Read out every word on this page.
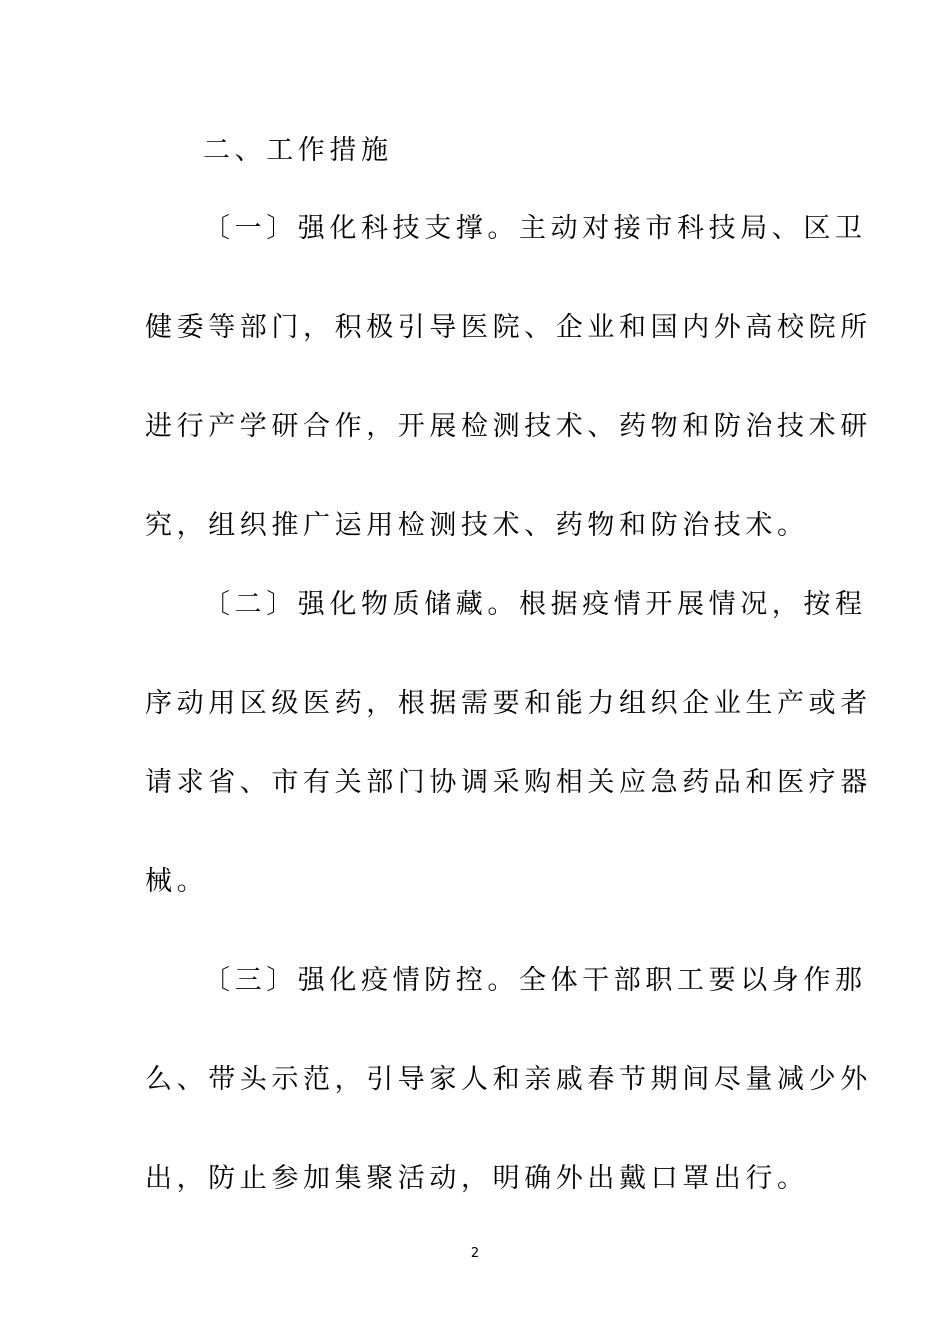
二、工作措施

〔一〕强化科技支撑。主动对接市科技局、区卫

健委等部门，积极引导医院、企业和国内外高校院所

进行产学研合作，开展检测技术、药物和防治技术研

究，组织推广运用检测技术、药物和防治技术。

〔二〕强化物质储藏。根据疫情开展情况，按程

序动用区级医药，根据需要和能力组织企业生产或者

请求省、市有关部门协调采购相关应急药品和医疗器

械。

〔三〕强化疫情防控。全体干部职工要以身作那

么、带头示范，引导家人和亲戚春节期间尽量减少外

出，防止参加集聚活动，明确外出戴口罩出行。

2
